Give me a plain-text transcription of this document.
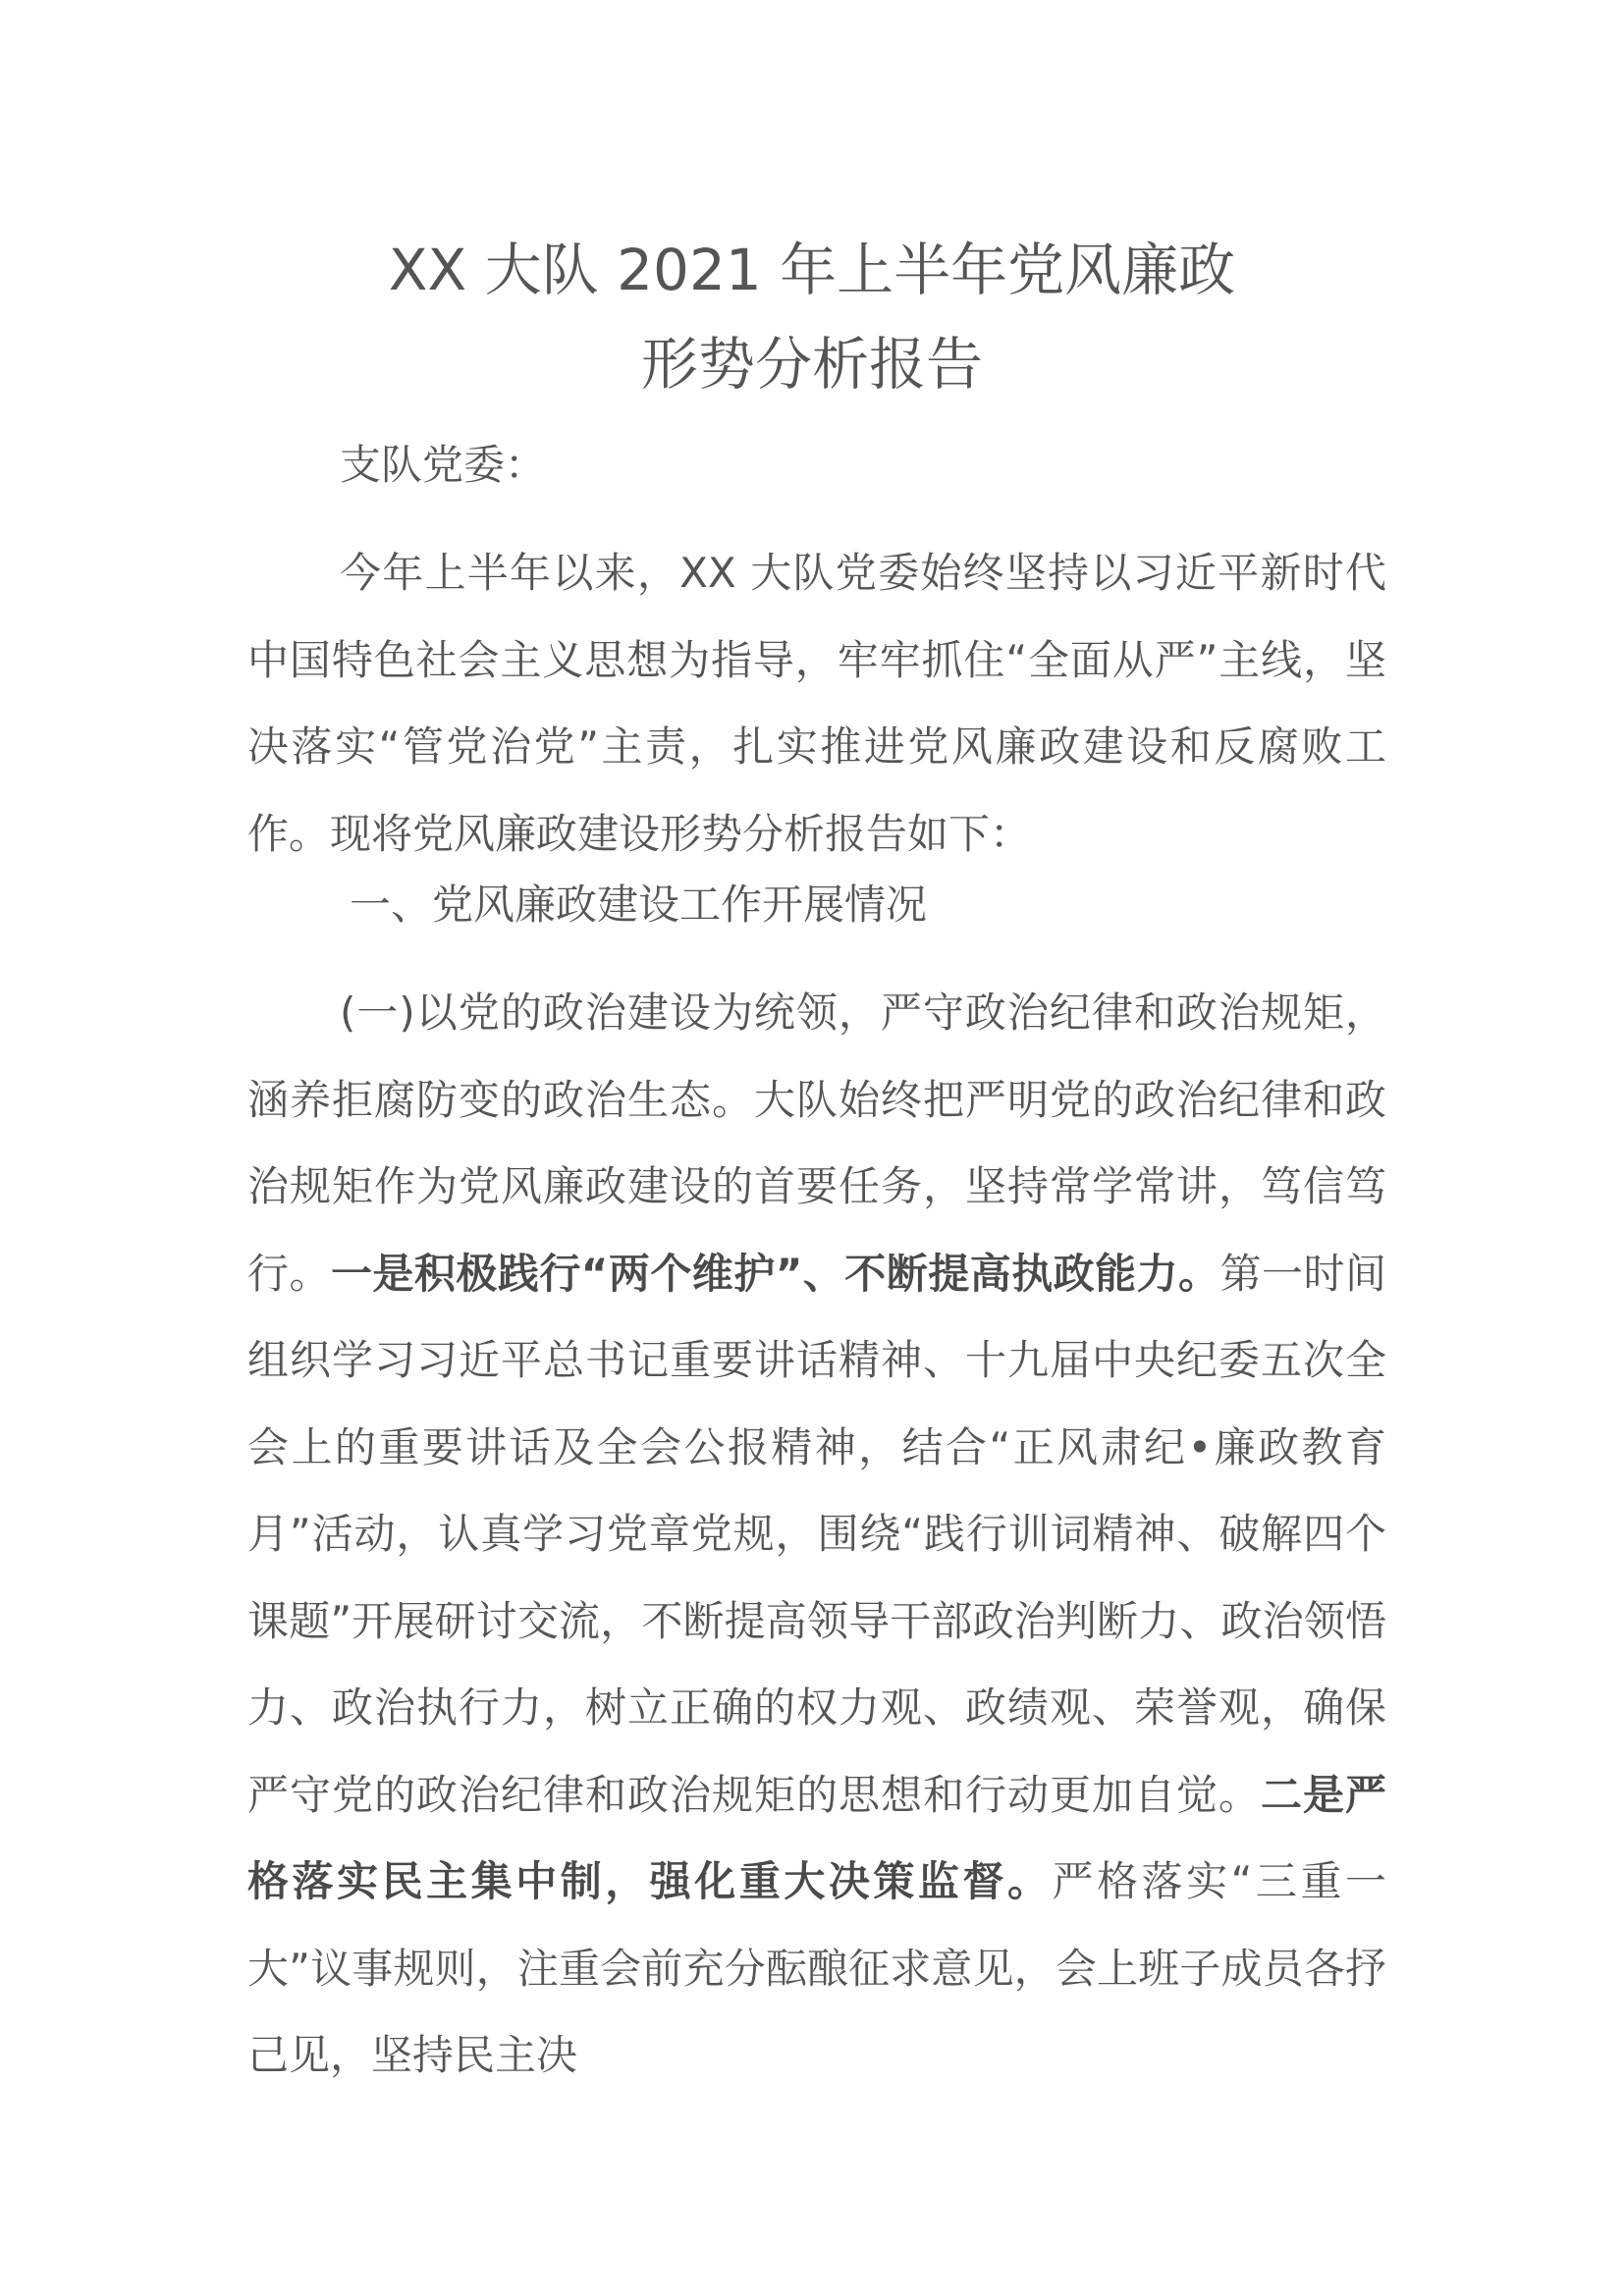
XX 大队 2021 年上半年党风廉政
形势分析报告

支队党委：

今年上半年以来，XX 大队党委始终坚持以习近平新时代中国特色社会主义思想为指导，牢牢抓住“全面从严”主线，坚决落实“管党治党”主责，扎实推进党风廉政建设和反腐败工作。现将党风廉政建设形势分析报告如下：

一、党风廉政建设工作开展情况

(一)以党的政治建设为统领，严守政治纪律和政治规矩，涵养拒腐防变的政治生态。大队始终把严明党的政治纪律和政治规矩作为党风廉政建设的首要任务，坚持常学常讲，笃信笃行。一是积极践行“两个维护”、不断提高执政能力。第一时间组织学习习近平总书记重要讲话精神、十九届中央纪委五次全会上的重要讲话及全会公报精神，结合“正风肃纪•廉政教育月”活动，认真学习党章党规，围绕“践行训词精神、破解四个课题”开展研讨交流，不断提高领导干部政治判断力、政治领悟力、政治执行力，树立正确的权力观、政绩观、荣誉观，确保严守党的政治纪律和政治规矩的思想和行动更加自觉。二是严格落实民主集中制，强化重大决策监督。严格落实“三重一大”议事规则，注重会前充分酝酿征求意见，会上班子成员各抒己见，坚持民主决
